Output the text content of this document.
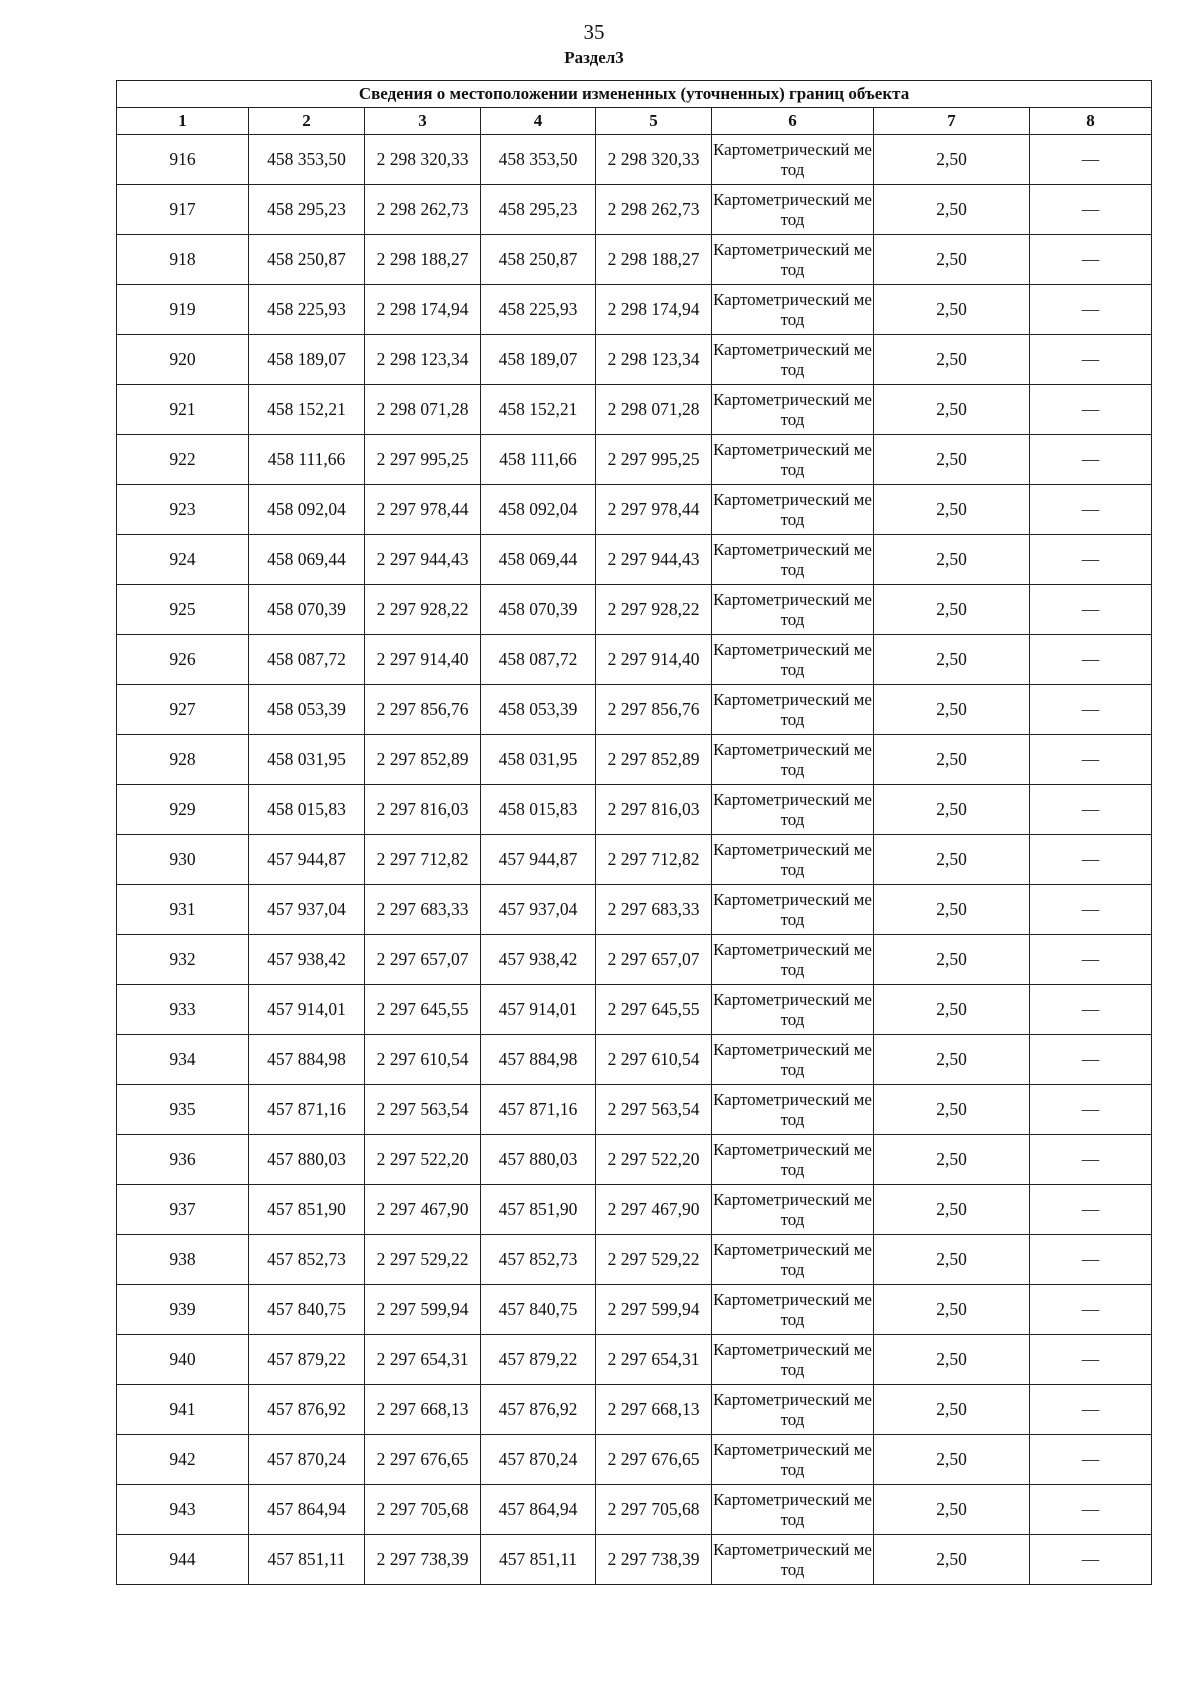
35
Раздел3
Сведения о местоположении измененных (уточненных) границ объекта							
1	2	3	4	5	6	7	8
916	458 353,50	2 298 320,33	458 353,50	2 298 320,33	Картометрический метод	2,50	—
917	458 295,23	2 298 262,73	458 295,23	2 298 262,73	Картометрический метод	2,50	—
918	458 250,87	2 298 188,27	458 250,87	2 298 188,27	Картометрический метод	2,50	—
919	458 225,93	2 298 174,94	458 225,93	2 298 174,94	Картометрический метод	2,50	—
920	458 189,07	2 298 123,34	458 189,07	2 298 123,34	Картометрический метод	2,50	—
921	458 152,21	2 298 071,28	458 152,21	2 298 071,28	Картометрический метод	2,50	—
922	458 111,66	2 297 995,25	458 111,66	2 297 995,25	Картометрический метод	2,50	—
923	458 092,04	2 297 978,44	458 092,04	2 297 978,44	Картометрический метод	2,50	—
924	458 069,44	2 297 944,43	458 069,44	2 297 944,43	Картометрический метод	2,50	—
925	458 070,39	2 297 928,22	458 070,39	2 297 928,22	Картометрический метод	2,50	—
926	458 087,72	2 297 914,40	458 087,72	2 297 914,40	Картометрический метод	2,50	—
927	458 053,39	2 297 856,76	458 053,39	2 297 856,76	Картометрический метод	2,50	—
928	458 031,95	2 297 852,89	458 031,95	2 297 852,89	Картометрический метод	2,50	—
929	458 015,83	2 297 816,03	458 015,83	2 297 816,03	Картометрический метод	2,50	—
930	457 944,87	2 297 712,82	457 944,87	2 297 712,82	Картометрический метод	2,50	—
931	457 937,04	2 297 683,33	457 937,04	2 297 683,33	Картометрический метод	2,50	—
932	457 938,42	2 297 657,07	457 938,42	2 297 657,07	Картометрический метод	2,50	—
933	457 914,01	2 297 645,55	457 914,01	2 297 645,55	Картометрический метод	2,50	—
934	457 884,98	2 297 610,54	457 884,98	2 297 610,54	Картометрический метод	2,50	—
935	457 871,16	2 297 563,54	457 871,16	2 297 563,54	Картометрический метод	2,50	—
936	457 880,03	2 297 522,20	457 880,03	2 297 522,20	Картометрический метод	2,50	—
937	457 851,90	2 297 467,90	457 851,90	2 297 467,90	Картометрический метод	2,50	—
938	457 852,73	2 297 529,22	457 852,73	2 297 529,22	Картометрический метод	2,50	—
939	457 840,75	2 297 599,94	457 840,75	2 297 599,94	Картометрический метод	2,50	—
940	457 879,22	2 297 654,31	457 879,22	2 297 654,31	Картометрический метод	2,50	—
941	457 876,92	2 297 668,13	457 876,92	2 297 668,13	Картометрический метод	2,50	—
942	457 870,24	2 297 676,65	457 870,24	2 297 676,65	Картометрический метод	2,50	—
943	457 864,94	2 297 705,68	457 864,94	2 297 705,68	Картометрический метод	2,50	—
944	457 851,11	2 297 738,39	457 851,11	2 297 738,39	Картометрический метод	2,50	—
